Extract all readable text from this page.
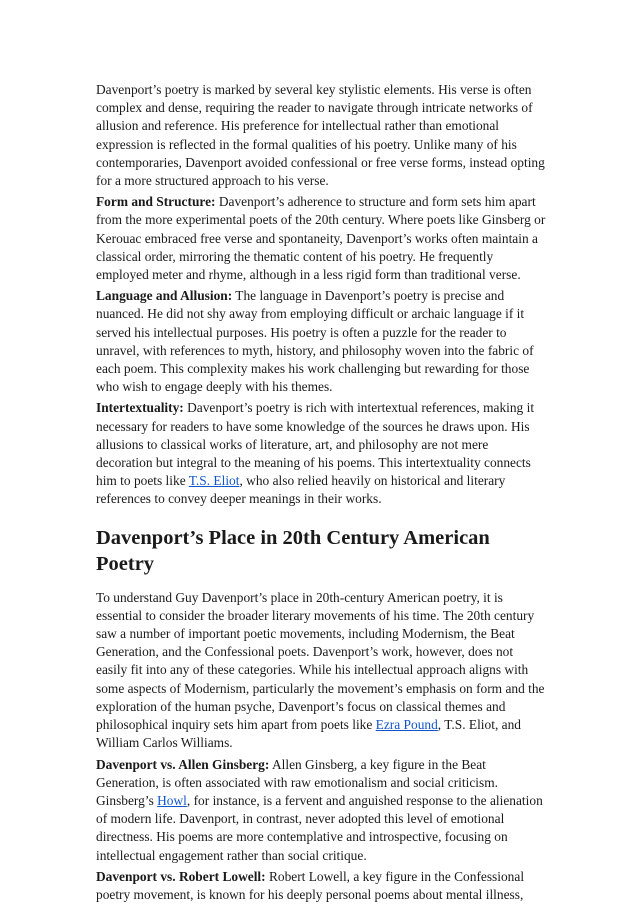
Davenport’s poetry is marked by several key stylistic elements. His verse is often complex and dense, requiring the reader to navigate through intricate networks of allusion and reference. His preference for intellectual rather than emotional expression is reflected in the formal qualities of his poetry. Unlike many of his contemporaries, Davenport avoided confessional or free verse forms, instead opting for a more structured approach to his verse.

Form and Structure: Davenport’s adherence to structure and form sets him apart from the more experimental poets of the 20th century. Where poets like Ginsberg or Kerouac embraced free verse and spontaneity, Davenport’s works often maintain a classical order, mirroring the thematic content of his poetry. He frequently employed meter and rhyme, although in a less rigid form than traditional verse.

Language and Allusion: The language in Davenport’s poetry is precise and nuanced. He did not shy away from employing difficult or archaic language if it served his intellectual purposes. His poetry is often a puzzle for the reader to unravel, with references to myth, history, and philosophy woven into the fabric of each poem. This complexity makes his work challenging but rewarding for those who wish to engage deeply with his themes.

Intertextuality: Davenport’s poetry is rich with intertextual references, making it necessary for readers to have some knowledge of the sources he draws upon. His allusions to classical works of literature, art, and philosophy are not mere decoration but integral to the meaning of his poems. This intertextuality connects him to poets like T.S. Eliot, who also relied heavily on historical and literary references to convey deeper meanings in their works.

Davenport’s Place in 20th Century American Poetry

To understand Guy Davenport’s place in 20th-century American poetry, it is essential to consider the broader literary movements of his time. The 20th century saw a number of important poetic movements, including Modernism, the Beat Generation, and the Confessional poets. Davenport’s work, however, does not easily fit into any of these categories. While his intellectual approach aligns with some aspects of Modernism, particularly the movement’s emphasis on form and the exploration of the human psyche, Davenport’s focus on classical themes and philosophical inquiry sets him apart from poets like Ezra Pound, T.S. Eliot, and William Carlos Williams.

Davenport vs. Allen Ginsberg: Allen Ginsberg, a key figure in the Beat Generation, is often associated with raw emotionalism and social criticism. Ginsberg’s Howl, for instance, is a fervent and anguished response to the alienation of modern life. Davenport, in contrast, never adopted this level of emotional directness. His poems are more contemplative and introspective, focusing on intellectual engagement rather than social critique.

Davenport vs. Robert Lowell: Robert Lowell, a key figure in the Confessional poetry movement, is known for his deeply personal poems about mental illness,
